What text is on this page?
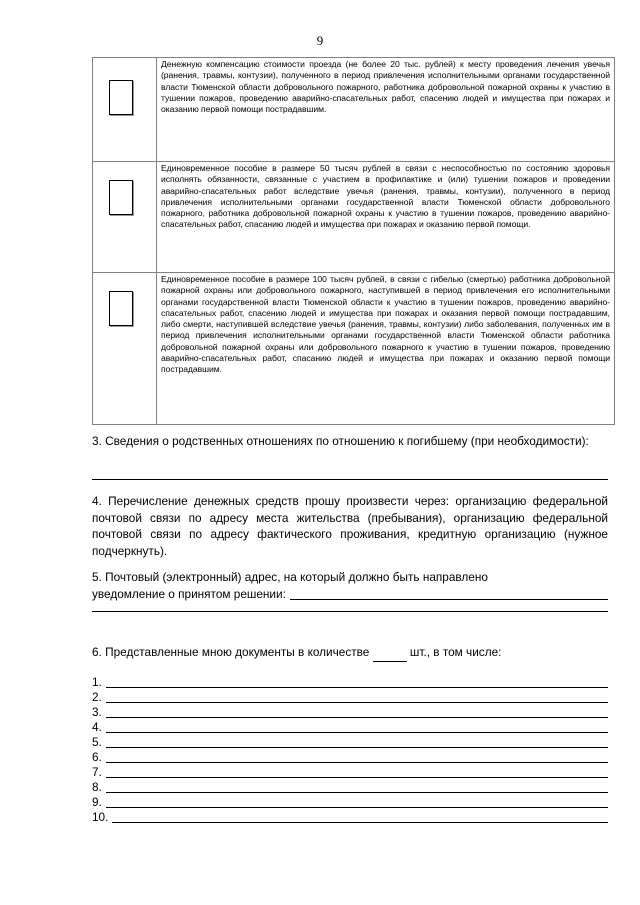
9
	Денежную компенсацию стоимости проезда (не более 20 тыс. рублей) к месту проведения лечения увечья (ранения, травмы, контузии), полученного в период привлечения исполнительными органами государственной власти Тюменской области добровольного пожарного, работника добровольной пожарной охраны к участию в тушении пожаров, проведению аварийно-спасательных работ, спасению людей и имущества при пожарах и оказанию первой помощи пострадавшим.

	Единовременное пособие в размере 50 тысяч рублей в связи с неспособностью по состоянию здоровья исполнять обязанности, связанные с участием в профилактике и (или) тушении пожаров и проведении аварийно-спасательных работ вследствие увечья (ранения, травмы, контузии), полученного в период привлечения исполнительными органами государственной власти Тюменской области добровольного пожарного, работника добровольной пожарной охраны к участию в тушении пожаров, проведению аварийно-спасательных работ, спасанию людей и имущества при пожарах и оказанию первой помощи.

	Единовременное пособие в размере 100 тысяч рублей, в связи с гибелью (смертью) работника добровольной пожарной охраны или добровольного пожарного, наступившей в период привлечения его исполнительными органами государственной власти Тюменской области к участию в тушении пожаров, проведению аварийно-спасательных работ, спасению людей и имущества при пожарах и оказания первой помощи пострадавшим, либо смерти, наступившей вследствие увечья (ранения, травмы, контузии) либо заболевания, полученных им в период привлечения исполнительными органами государственной власти Тюменской области работника добровольной пожарной охраны или добровольного пожарного к участию в тушении пожаров, проведению аварийно-спасательных работ, спасанию людей и имущества при пожарах и оказанию первой помощи пострадавшим.
3. Сведения о родственных отношениях по отношению к погибшему (при необходимости):
4. Перечисление денежных средств прошу произвести через: организацию федеральной почтовой связи по адресу места жительства (пребывания), организацию федеральной почтовой связи по адресу фактического проживания, кредитную организацию (нужное подчеркнуть).
5. Почтовый (электронный) адрес, на который должно быть направлено
уведомление о принятом решении:
6. Представленные мною документы в количестве	шт., в том числе:
1.
2.
3.
4.
5.
6.
7.
8.
9.
10.
